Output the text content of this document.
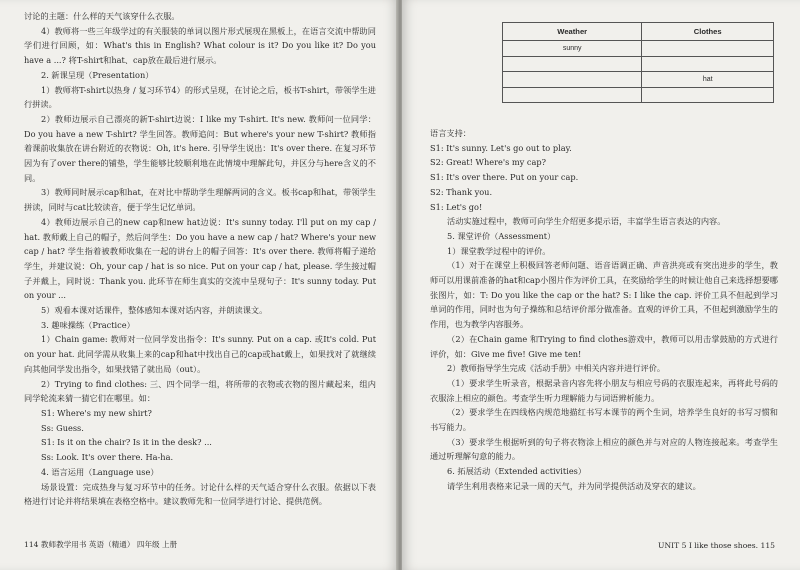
讨论的主题：什么样的天气该穿什么衣服。

4）教师将一些三年级学过的有关服装的单词以图片形式展现在黑板上，在语言交流中帮助同学们进行回顾，如：What's this in English? What colour is it? Do you like it? Do you have a ...? 将T-shirt和hat、cap放在最后进行展示。

2. 新课呈现（Presentation）

1）教师将T-shirt以热身 / 复习环节4）的形式呈现，在讨论之后，板书T-shirt，带领学生进行拼读。

2）教师边展示自己漂亮的新T-shirt边说：I like my T-shirt. It's new. 教师问一位同学：Do you have a new T-shirt? 学生回答。教师追问：But where's your new T-shirt? 教师指着课前收集放在讲台附近的衣物说：Oh, it's here. 引导学生说出：It's over there. 在复习环节因为有了over there的铺垫，学生能够比较顺利地在此情境中理解此句，并区分与here含义的不同。

3）教师同时展示cap和hat，在对比中帮助学生理解两词的含义。板书cap和hat，带领学生拼读，同时与cat比较读音，便于学生记忆单词。

4）教师边展示自己的new cap和new hat边说：It's sunny today. I'll put on my cap / hat. 教师戴上自己的帽子，然后问学生：Do you have a new cap / hat? Where's your new cap / hat? 学生指着被教师收集在一起的讲台上的帽子回答：It's over there. 教师将帽子递给学生，并建议说：Oh, your cap / hat is so nice. Put on your cap / hat, please. 学生接过帽子并戴上，同时说：Thank you. 此环节在师生真实的交流中呈现句子：It's sunny today. Put on your ...

5）观看本课对话课件，整体感知本课对话内容，并朗读课文。

3. 趣味操练（Practice）

1）Chain game: 教师对一位同学发出指令：It's sunny. Put on a cap. 或It's cold. Put on your hat. 此同学需从收集上来的cap和hat中找出自己的cap或hat戴上，如果找对了就继续向其他同学发出指令，如果找错了就出局（out）。

2）Trying to find clothes: 三、四个同学一组，将所带的衣物或衣物的图片藏起来，组内同学轮流来猜一猜它们在哪里。如：

S1: Where's my new shirt?

Ss: Guess.

S1: Is it on the chair? Is it in the desk? ...

Ss: Look. It's over there. Ha-ha.

4. 语言运用（Language use）

场景设置：完成热身与复习环节中的任务。讨论什么样的天气适合穿什么衣服。依据以下表格进行讨论并将结果填在表格空格中。建议教师先和一位同学进行讨论、提供范例。

114 教师教学用书 英语（精通） 四年级 上册
Weather	Clothes
sunny	

	hat

语言支持：

S1: It's sunny. Let's go out to play.

S2: Great! Where's my cap?

S1: It's over there. Put on your cap.

S2: Thank you.

S1: Let's go!

活动实施过程中，教师可向学生介绍更多提示语，丰富学生语言表达的内容。

5. 课堂评价（Assessment）

1）课堂教学过程中的评价。

（1）对于在课堂上积极回答老师问题、语音语调正确、声音洪亮或有突出进步的学生，教师可以用课前准备的hat和cap小图片作为评价工具，在奖励给学生的时候让他自己来选择想要哪张图片，如：T: Do you like the cap or the hat? S: I like the cap. 评价工具不但起到学习单词的作用，同时也为句子操练和总结评价部分做准备。直观的评价工具，不但起到激励学生的作用，也为教学内容服务。

（2）在Chain game 和Trying to find clothes游戏中，教师可以用击掌鼓励的方式进行评价，如：Give me five! Give me ten!

2）教师指导学生完成《活动手册》中相关内容并进行评价。

（1）要求学生听录音，根据录音内容先将小朋友与相应号码的衣服连起来，再将此号码的衣服涂上相应的颜色。考查学生听力理解能力与词语辨析能力。

（2）要求学生在四线格内规范地描红书写本课节的两个生词，培养学生良好的书写习惯和书写能力。

（3）要求学生根据听到的句子将衣物涂上相应的颜色并与对应的人物连接起来。考查学生通过听理解句意的能力。

6. 拓展活动（Extended activities）

请学生利用表格来记录一周的天气，并为同学提供活动及穿衣的建议。

UNIT 5 I like those shoes. 115
